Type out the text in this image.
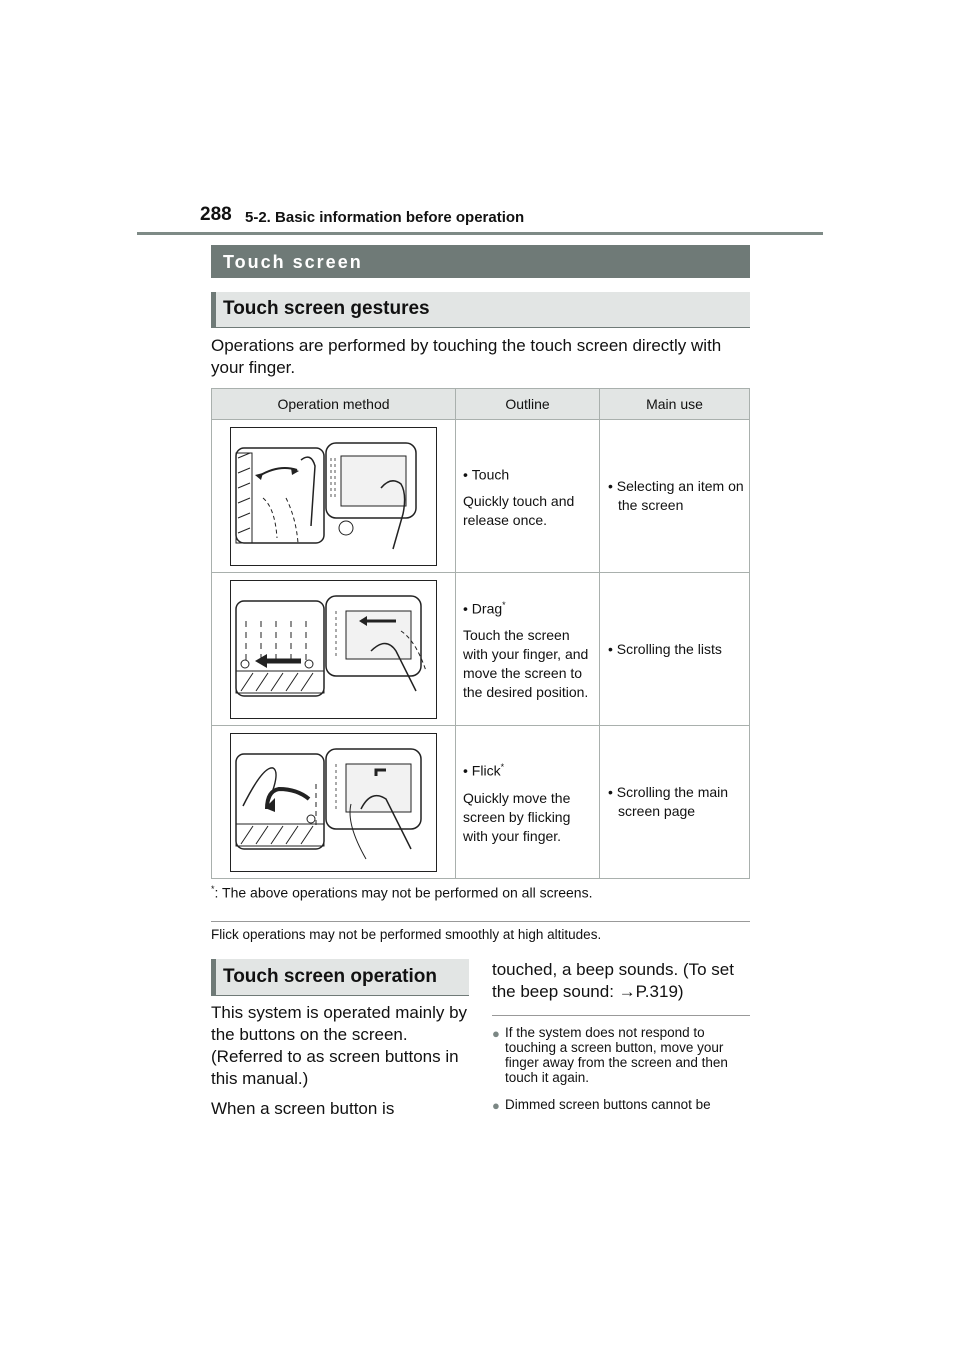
288 5-2. Basic information before operation
Touch screen
Touch screen gestures
Operations are performed by touching the touch screen directly with your finger.
Operation method	Outline	Main use

• Touch
Quickly touch and release once.	• Selecting an item on the screen

• Drag*
Touch the screen with your finger, and move the screen to the desired position.	• Scrolling the lists

• Flick*
Quickly move the screen by flicking with your finger.	• Scrolling the main screen page
*: The above operations may not be performed on all screens.
Flick operations may not be performed smoothly at high altitudes.
Touch screen operation

This system is operated mainly by the buttons on the screen. (Referred to as screen buttons in this manual.)

When a screen button is

touched, a beep sounds. (To set the beep sound: →P.319)
● If the system does not respond to touching a screen button, move your finger away from the screen and then touch it again.
● Dimmed screen buttons cannot be
